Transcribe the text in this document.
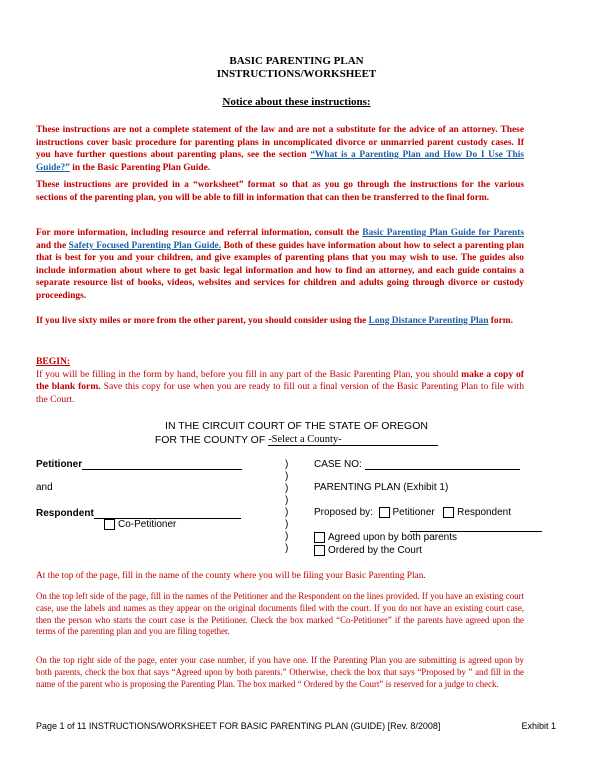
BASIC PARENTING PLAN
INSTRUCTIONS/WORKSHEET
Notice about these instructions:
These instructions are not a complete statement of the law and are not a substitute for the advice of an attorney. These instructions cover basic procedure for parenting plans in uncomplicated divorce or unmarried parent custody cases. If you have further questions about parenting plans, see the section “What is a Parenting Plan and How Do I Use This Guide?” in the Basic Parenting Plan Guide.
These instructions are provided in a “worksheet” format so that as you go through the instructions for the various sections of the parenting plan, you will be able to fill in information that can then be transferred to the final form.
For more information, including resource and referral information, consult the Basic Parenting Plan Guide for Parents and the Safety Focused Parenting Plan Guide. Both of these guides have information about how to select a parenting plan that is best for you and your children, and give examples of parenting plans that you may wish to use. The guides also include information about where to get basic legal information and how to find an attorney, and each guide contains a separate resource list of books, videos, websites and services for children and adults going through divorce or custody proceedings.
If you live sixty miles or more from the other parent, you should consider using the Long Distance Parenting Plan form.
BEGIN:
If you will be filling in the form by hand, before you fill in any part of the Basic Parenting Plan, you should make a copy of the blank form. Save this copy for use when you are ready to fill out a final version of the Basic Parenting Plan to file with the Court.
IN THE CIRCUIT COURT OF THE STATE OF OREGON
FOR THE COUNTY OF -Select a County-
Petitioner
and
Respondent
Co-Petitioner
)
)
)
)
)
)
)
)
CASE NO:
PARENTING PLAN (Exhibit 1)
Proposed by: Petitioner Respondent
Agreed upon by both parents
Ordered by the Court
At the top of the page, fill in the name of the county where you will be filing your Basic Parenting Plan.
On the top left side of the page, fill in the names of the Petitioner and the Respondent on the lines provided. If you have an existing court case, use the labels and names as they appear on the original documents filed with the court. If you do not have an existing court case, then the person who starts the court case is the Petitioner. Check the box marked “Co-Petitioner” if the parents have agreed upon the terms of the parenting plan and you are filing together.
On the top right side of the page, enter your case number, if you have one. If the Parenting Plan you are submitting is agreed upon by both parents, check the box that says “Agreed upon by both parents.” Otherwise, check the box that says “Proposed by ” and fill in the name of the parent who is proposing the Parenting Plan. The box marked “ Ordered by the Court” is reserved for a judge to check.
Page 1 of 11 INSTRUCTIONS/WORKSHEET FOR BASIC PARENTING PLAN (GUIDE) [Rev. 8/2008]	Exhibit 1
